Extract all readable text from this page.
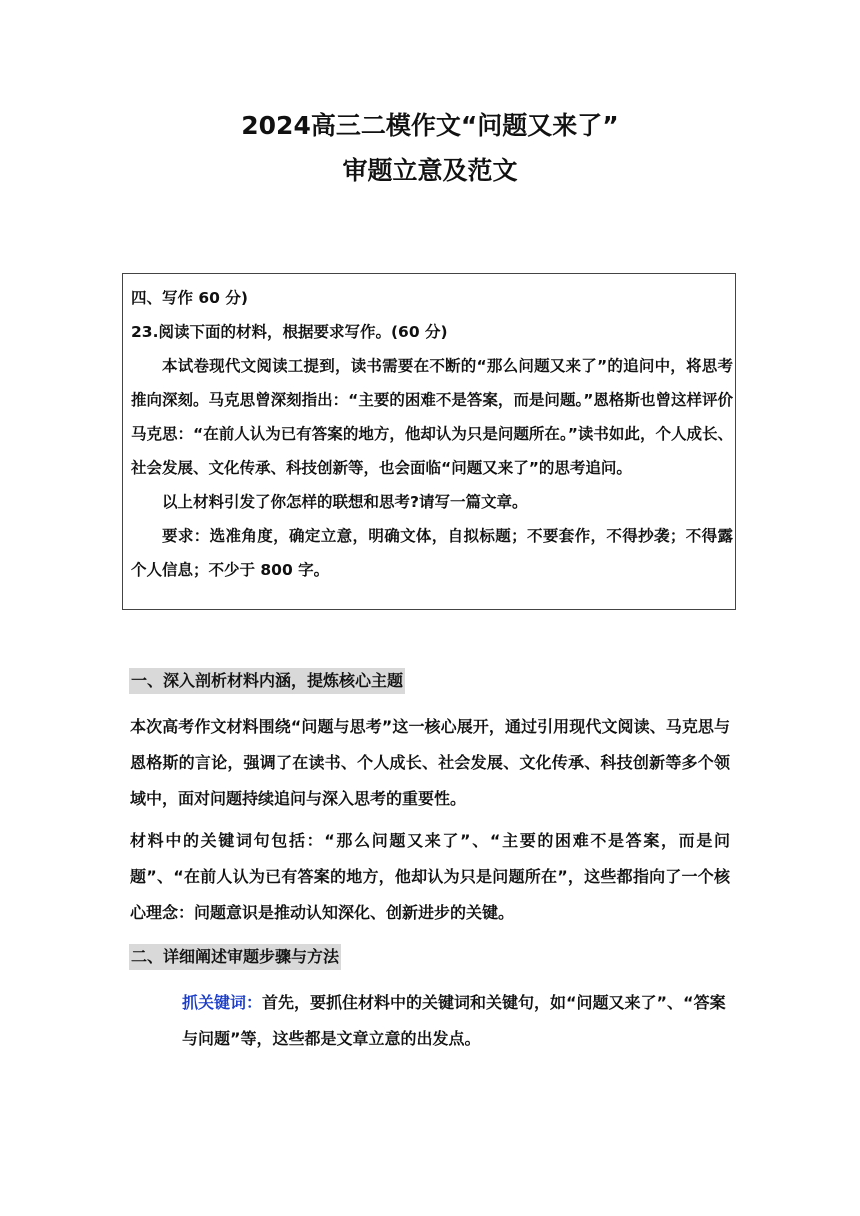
2024高三二模作文“问题又来了”
审题立意及范文

四、写作 60 分)

23.阅读下面的材料，根据要求写作。(60 分)

本试卷现代文阅读工提到，读书需要在不断的“那么问题又来了”的追问中，将思考推向深刻。马克思曾深刻指出：“主要的困难不是答案，而是问题。”恩格斯也曾这样评价马克思：“在前人认为已有答案的地方，他却认为只是问题所在。”读书如此，个人成长、社会发展、文化传承、科技创新等，也会面临“问题又来了”的思考追问。

以上材料引发了你怎样的联想和思考?请写一篇文章。

要求：选准角度，确定立意，明确文体，自拟标题；不要套作，不得抄袭；不得露个人信息；不少于 800 字。

一、深入剖析材料内涵，提炼核心主题

本次高考作文材料围绕“问题与思考”这一核心展开，通过引用现代文阅读、马克思与恩格斯的言论，强调了在读书、个人成长、社会发展、文化传承、科技创新等多个领域中，面对问题持续追问与深入思考的重要性。

材料中的关键词句包括：“那么问题又来了”、“主要的困难不是答案，而是问题”、“在前人认为已有答案的地方，他却认为只是问题所在”，这些都指向了一个核心理念：问题意识是推动认知深化、创新进步的关键。

二、详细阐述审题步骤与方法

抓关键词：首先，要抓住材料中的关键词和关键句，如“问题又来了”、“答案与问题”等，这些都是文章立意的出发点。
